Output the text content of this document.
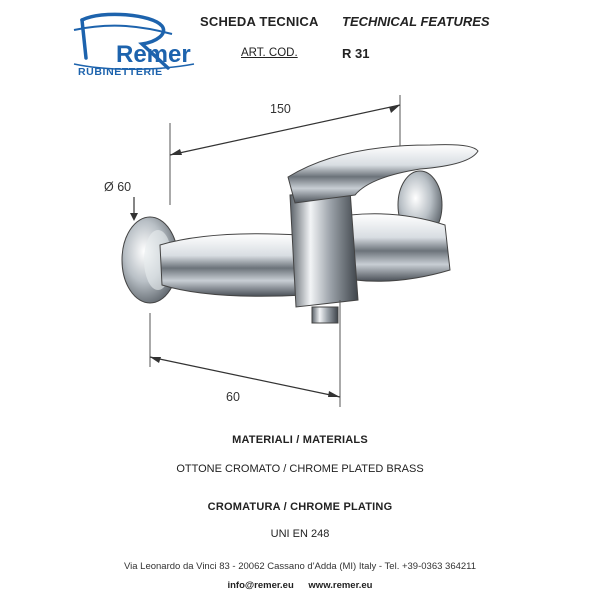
Remer
RUBINETTERIE
SCHEDA TECNICA TECHNICAL FEATURES
ART. COD.	R 31
150
Ø 60
60
MATERIALI / MATERIALS
OTTONE CROMATO / CHROME PLATED BRASS
CROMATURA / CHROME PLATING
UNI EN 248
Via Leonardo da Vinci 83 - 20062 Cassano d'Adda (MI) Italy - Tel. +39-0363 364211
info@remer.eu www.remer.eu
